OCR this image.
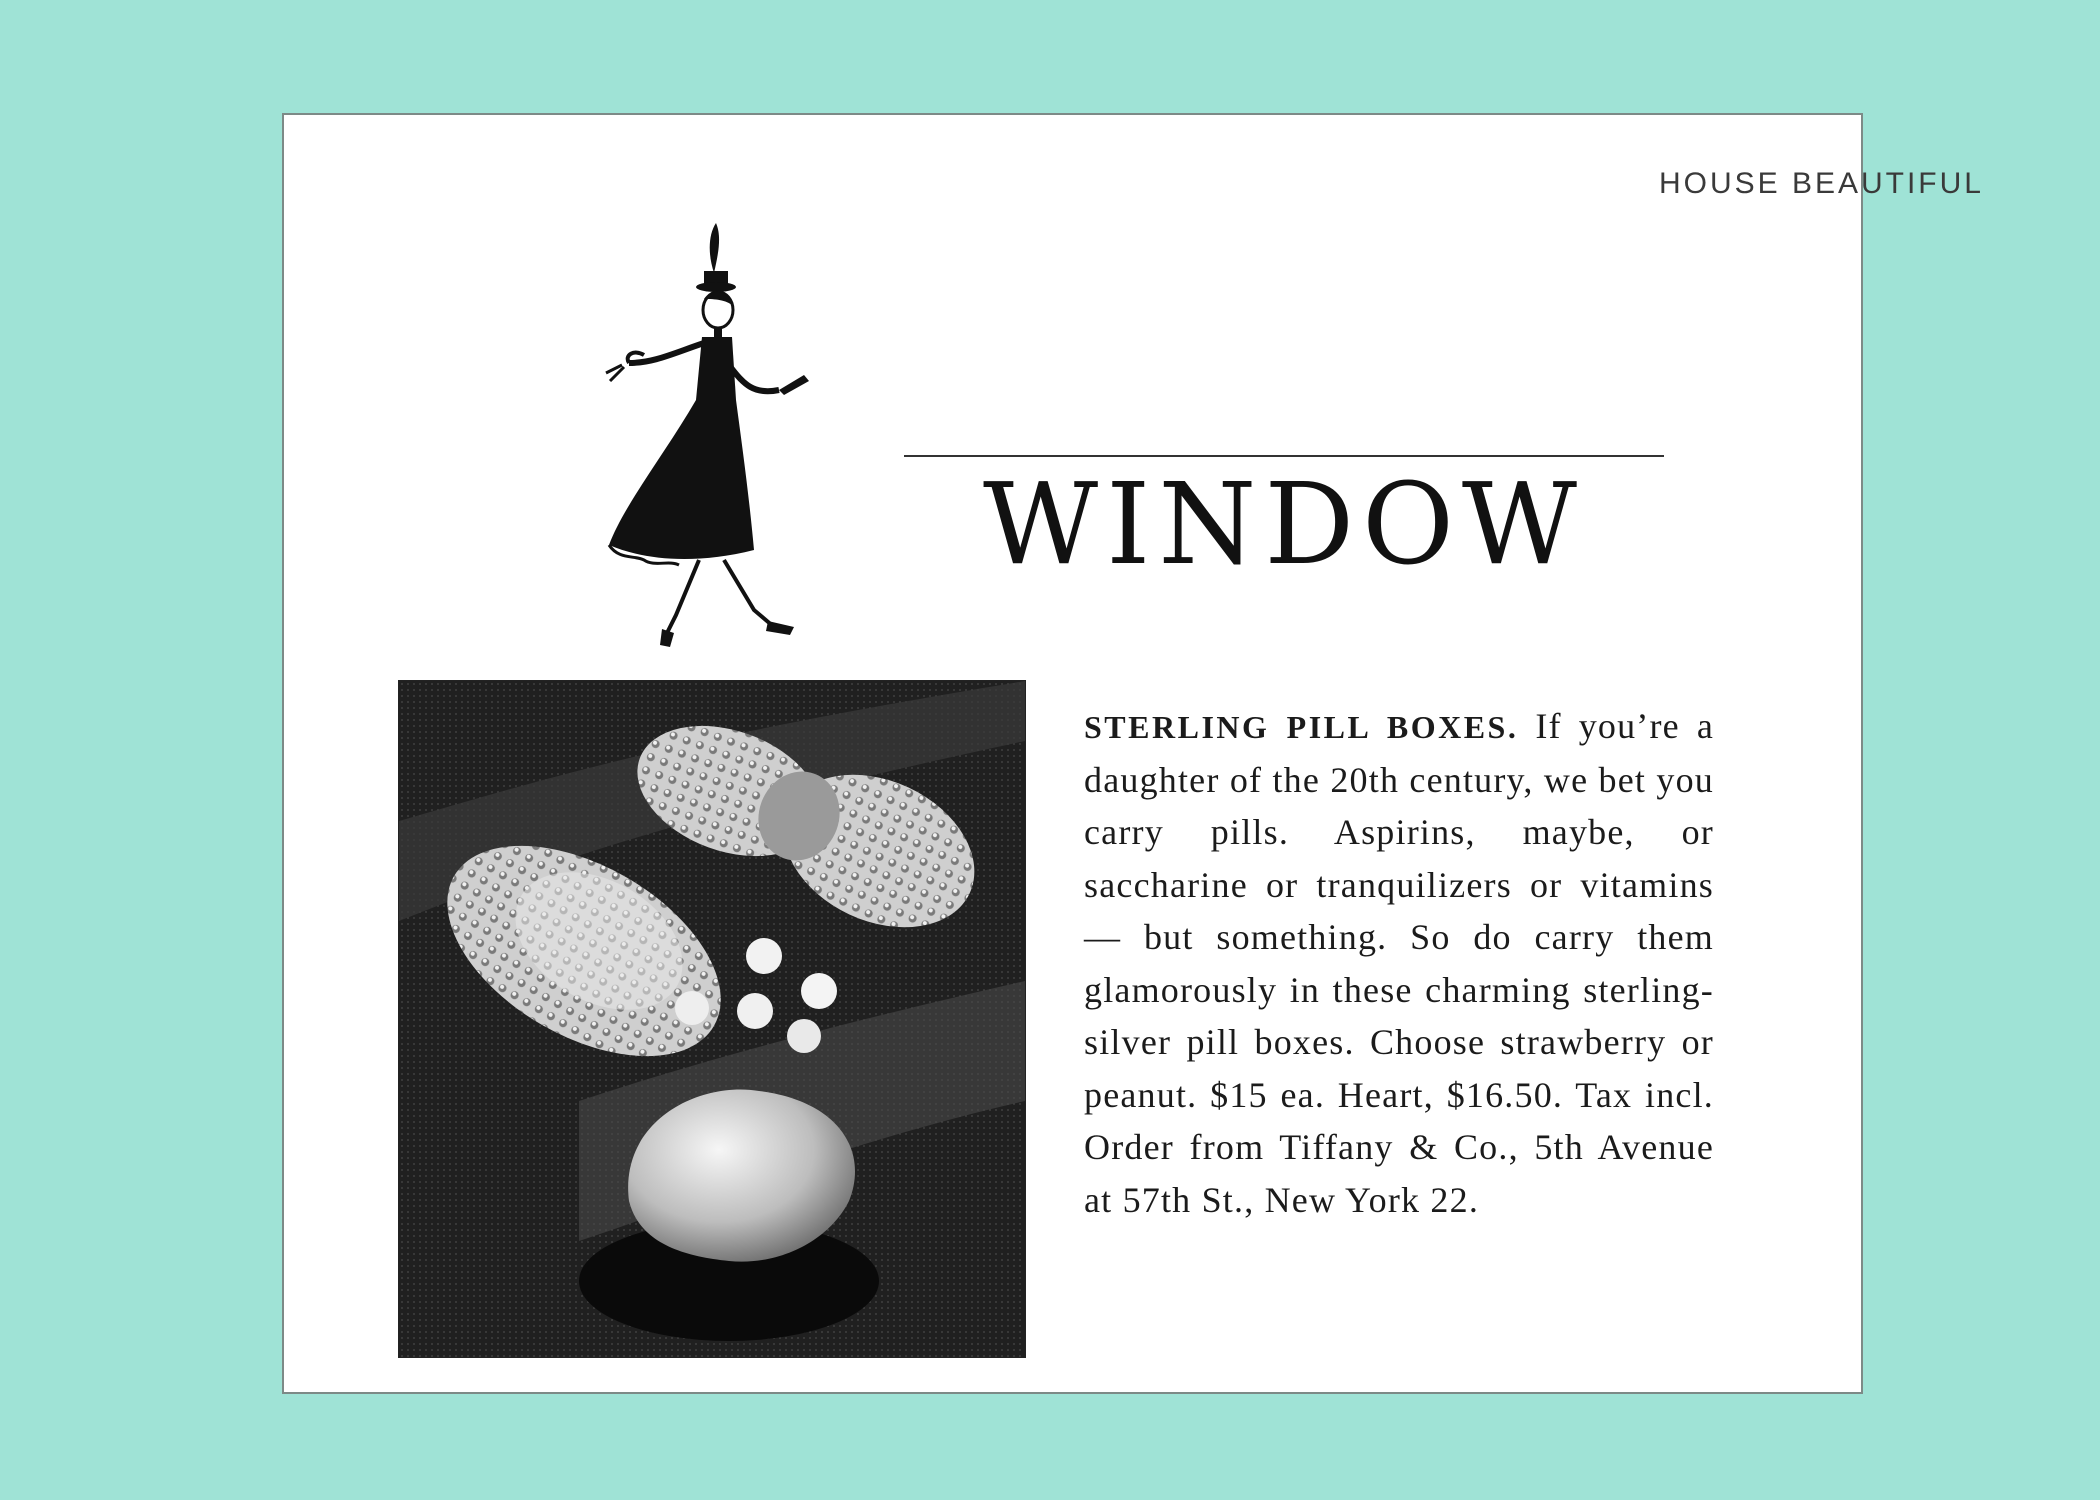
HOUSE BEAUTIFUL
WINDOW

STERLING PILL BOXES. If you’re a daughter of the 20th century, we bet you carry pills. Aspirins, maybe, or saccharine or tranquilizers or vitamins — but something. So do carry them glamorously in these charming sterling-silver pill boxes. Choose strawberry or peanut. $15 ea. Heart, $16.50. Tax incl. Order from Tiffany & Co., 5th Avenue at 57th St., New York 22.
